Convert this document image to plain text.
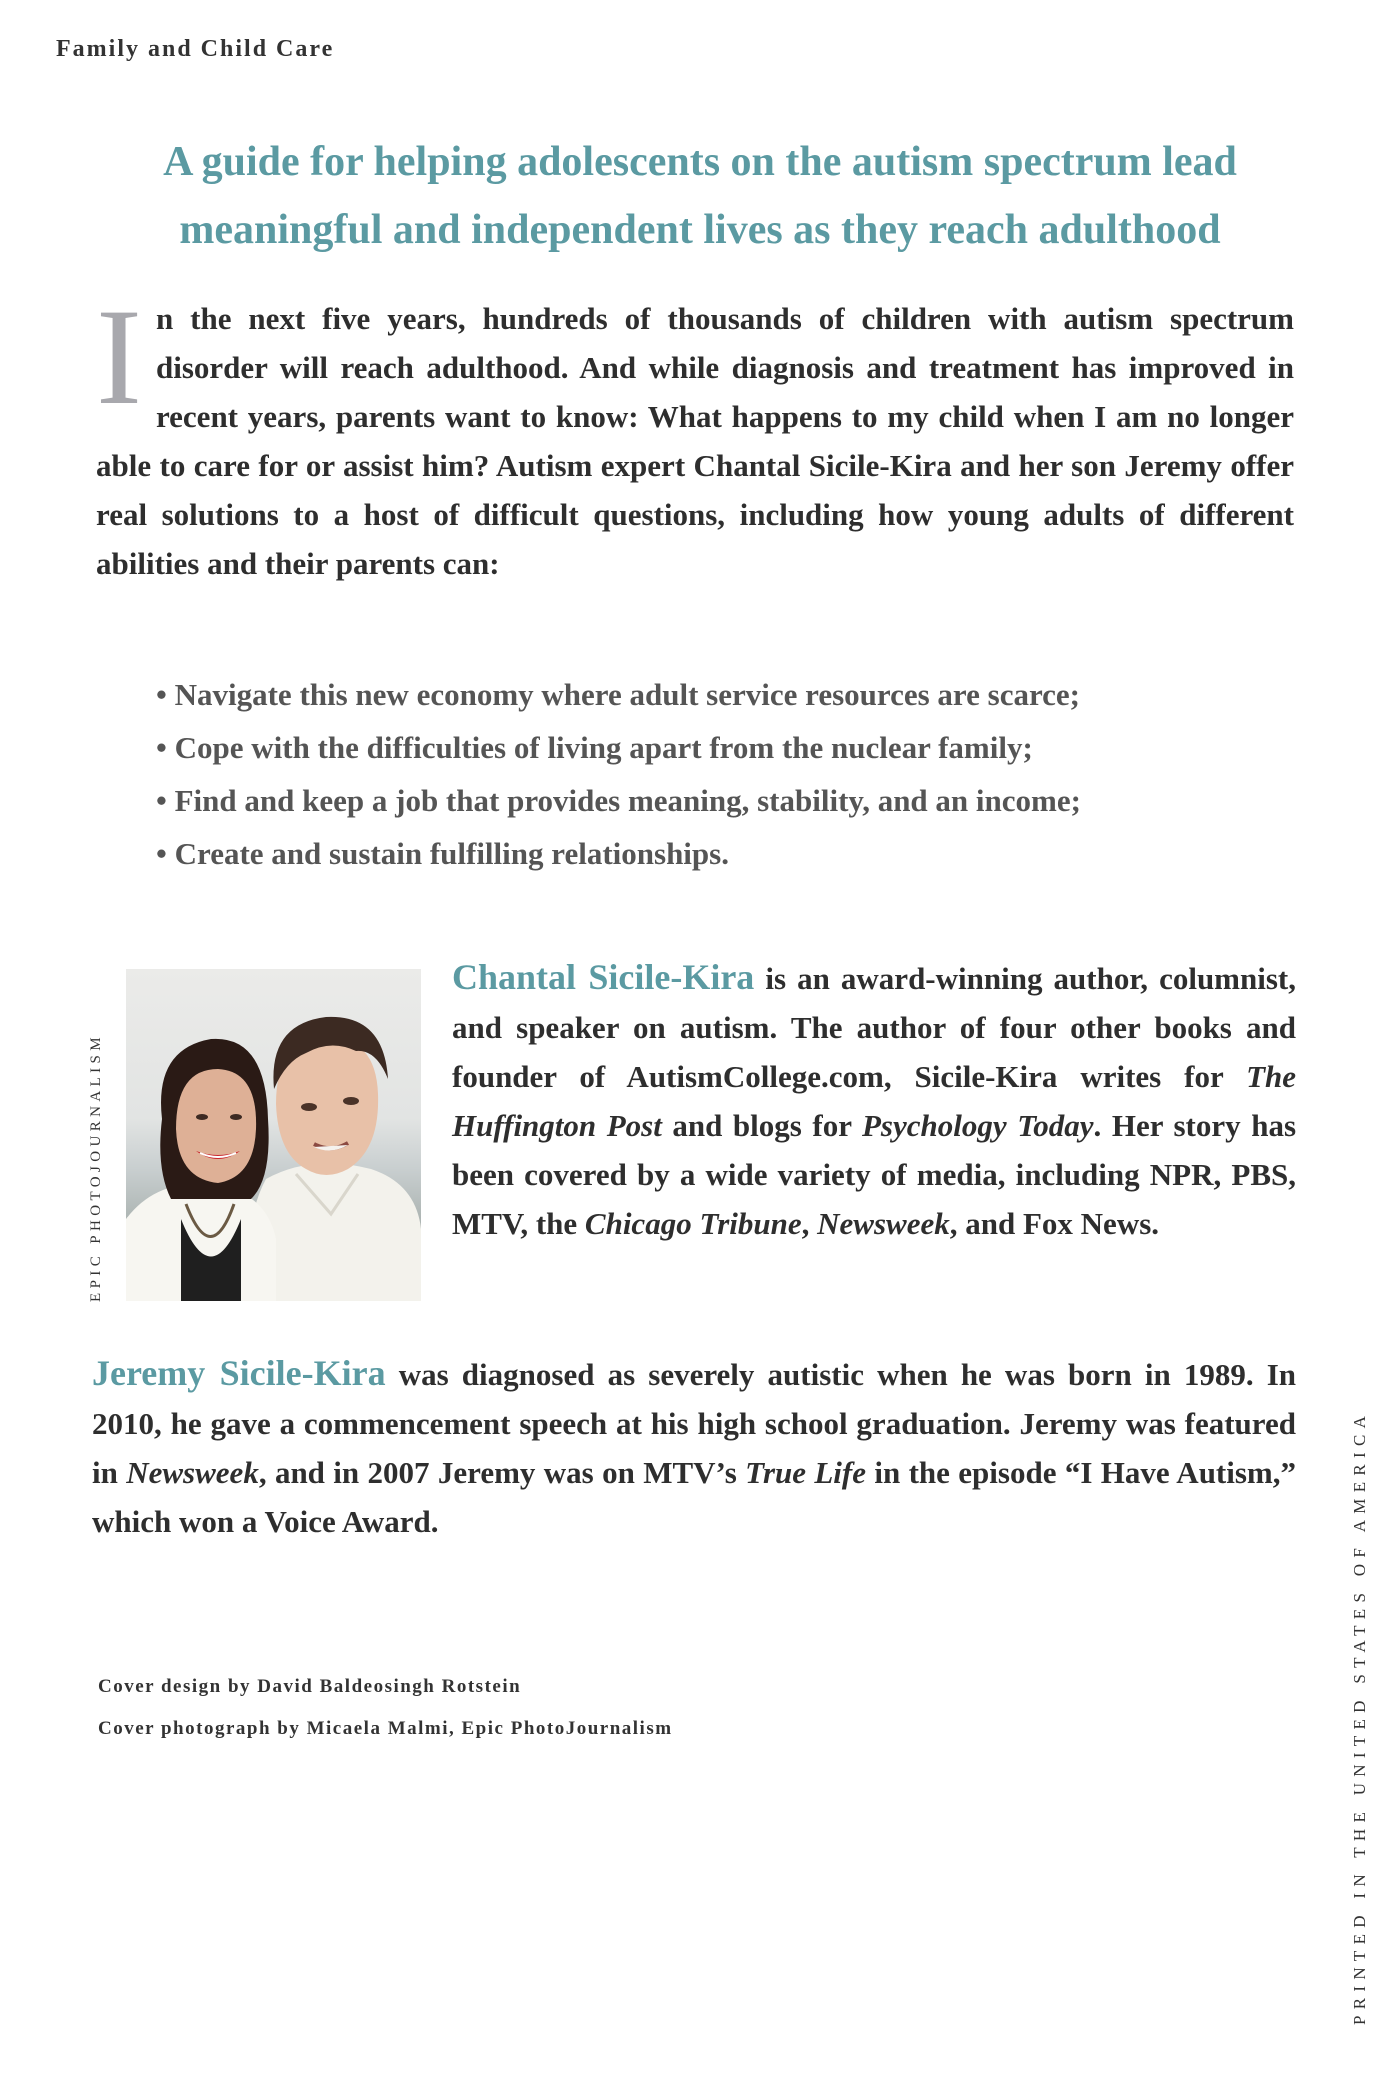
Family and Child Care
A guide for helping adolescents on the autism spectrum lead meaningful and independent lives as they reach adulthood

In the next five years, hundreds of thousands of children with autism spectrum disorder will reach adulthood. And while diagnosis and treatment has improved in recent years, parents want to know: What happens to my child when I am no longer able to care for or assist him? Autism expert Chantal Sicile-Kira and her son Jeremy offer real solutions to a host of difficult questions, including how young adults of different abilities and their parents can:

• Navigate this new economy where adult service resources are scarce;
• Cope with the difficulties of living apart from the nuclear family;
• Find and keep a job that provides meaning, stability, and an income;
• Create and sustain fulfilling relationships.
EPIC PHOTOJOURNALISM

Chantal Sicile-Kira is an award-winning author, columnist, and speaker on autism. The author of four other books and founder of AutismCollege.com, Sicile-Kira writes for The Huffington Post and blogs for Psychology Today. Her story has been covered by a wide variety of media, including NPR, PBS, MTV, the Chicago Tribune, Newsweek, and Fox News.

Jeremy Sicile-Kira was diagnosed as severely autistic when he was born in 1989. In 2010, he gave a commencement speech at his high school graduation. Jeremy was featured in Newsweek, and in 2007 Jeremy was on MTV’s True Life in the episode “I Have Autism,” which won a Voice Award.

Cover design by David Baldeosingh Rotstein
Cover photograph by Micaela Malmi, Epic PhotoJournalism	PRINTED IN THE UNITED STATES OF AMERICA
